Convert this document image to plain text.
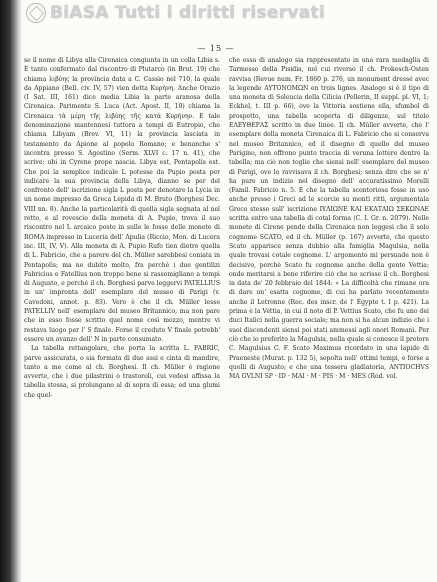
BiASA Tutti i diritti riservati
— 15 —

se il nome di Libya alla Cirenaica congiunta in un colla Libia s. È tanto confermato dal riscontro di Plutarco (in Brut. 19) che chiama λιβύης la provincia data a C. Cassio nel 710, la quale da Appiano (Bell. civ. IV, 57) vien detta Κυρήνη. Anche Orazio (I Sat. III, 161) dice media Libia la parte aranosa della Cirenaica. Parimente S. Luca (Act. Apost. II, 10) chiama la Cirenaica τὰ μέρη τῆς λιβύης τῆς κατὰ Κυρήνην. E tale denominazione mantennesi tuttora a tempi di Eutropio, che chiama Libyam (Brev. VI, 11) la provincia lasciata in testamento da Apione al popolo Romano; e benanche s' incontra presso S. Agostino (Serm. XLVI c. 17 n. 41), che scrive: ubi in Cyrene prope nascia. Libya est, Pentapolis est. Che poi la semplice indicale L potesse da Pupio posta per indicare la sua provincia della Libya, dianno se per del confronto dell' iscrizione sigla L posta per denotare la Lycia in un nome impresso da Greca Lepida di M. Bruto (Borghesi Dec. VIII nn. 8). Anche la particolarità di quella sigla segnata al nel retto, e al rovescio della moneta di A. Pupio, trova il suo riscontro nel L arcaico posto in sulle le fosse delle monete di ROMA impresso in Luceria dell' Apulia (Riccio, Mon. di Lucera inc. III, IV, V). Alla moneta di A. Pupio Rufo tien dietro quella di L. Fabricio, che a parere del ch. Müller sarebbesi coniata in Pentapolis; ma ne dubito molto, fra perchè i due gentilizi Fabricius e Fatellius non troppo bene si rassomigliano a tempi di Augusto, e perchè il ch. Borghesi parve leggervi PATELLIUS in un' impronta dell' esemplare del museo di Parigi (v. Cavedoni, annot. p. 83). Vero è che il ch. Müller lesse PATELLIV nell' esemplare del museo Britannico; ma non pare che in esso fosse scritto quel nome così mozzo, mentre vi restava luogo per l' S finale. Forse il creduto V finale potrebb' essere un avanzo dell' N in parte consumato.

La tabella rettangolare, che porta la scritta L. FABRIC, parve assicurata, o sia formata di due assi e cinta di mandire, tanto a me come al ch. Borghesi. Il ch. Müller è ragione avverte, che i due pilastrini o trastoroli, cui vedesi affissa la tabella stessa, si prolungano al di sopra di essa; ed una glumi che quel-

che essa di analogo sia rappresentato in una rara medaglia di Tarmesso della Pisidia, nel cui riverso il ch. Prokesch-Osten ravvisa (Revue num. Fr. 1860 p. 276, un monument dressé avec la legende AYTONOMΩN en trois lignes. Analogo si è il tipo di una moneta di Seleucia della Cilicia (Pellerin, II suppl. pl. VI, 1; Eckhel, t. III p. 66), ove la Vittoria sostiene ella, sfumbol di prospetto, una tabella scoperta di diligenze, sul titolo ΕΛΕΥΘΕΡΑΣ scritto in due linee. Il ch. Müller avverte, che l' esemplare della moneta Cirenaica di L. Fabricio che si conserva nel museo Britannico, ed il disegno di quello del museo Parigino, non offrono punto traccia di veruna lettere dentro la tabella; ma ciò non toglie che siensi nell' esemplare del museo di Parigi, ove lo ravvisava il ch. Borghesi; senza dire che se n' ha pure un indizio nel disegno dell' accuratissimo Morelli (Famil. Fabricio n. 5. E che la tabella scontoriosa fosse in uso anche presso i Greci ad le scorcie su monti ritti, argumentala Greco stesso sull' iscrizione ΙΥΛΙΩΝΕ ΚΑΙ ΕΚΑΤΑΙΩ ΣΕΚΩΝΑΕ scritta entro una tabella di cotal forma (C. I. Gr. n. 2079). Nelle monete di Cirene pende della Cirenaica non leggesi che il solo cognome SCATO, ed il ch. Müller (p. 167) avverte, che questo Scato apparisce senza dubbio alla famiglia Magulsia, nella quale trovasi cotale cognome. L' argomento mi persuade non è decisivo, perchè Scato fu cognome anche della gente Vettia; onde meritarsi a bene riferire ciò che ne scrisse il ch. Borghesi in data de' 20 febbraio del 1844: « La difficoltà che rimane ora di dare un' esatta cognome, di cui ha parlato recentemente anche il Letronne (Rec. des inscr. de l' Égypte t. I p. 421). La prima è la Vettia, in cui il noto di P. Vettius Scato, che fu uno dei duci Italici nella guerra sociale; ma non si ha alcun indizio che i suoi discendenti siensi poi stati ammessi agli onori Romani. Per ciò che io preferito la Magulsia, nella quale si conosce il pretore C. Magulsius C. F. Scato Maximus ricordato in una lapide di Praeneste (Murat. p. 132 5), sepolta nell' ottimi tempi, e forse a quelli di Augusto; e che una tessera gladiatoria, ANTIOCHVS MA GVLNI SP · ID · MAI · M · PIS · M · MES (Rod. vol.
